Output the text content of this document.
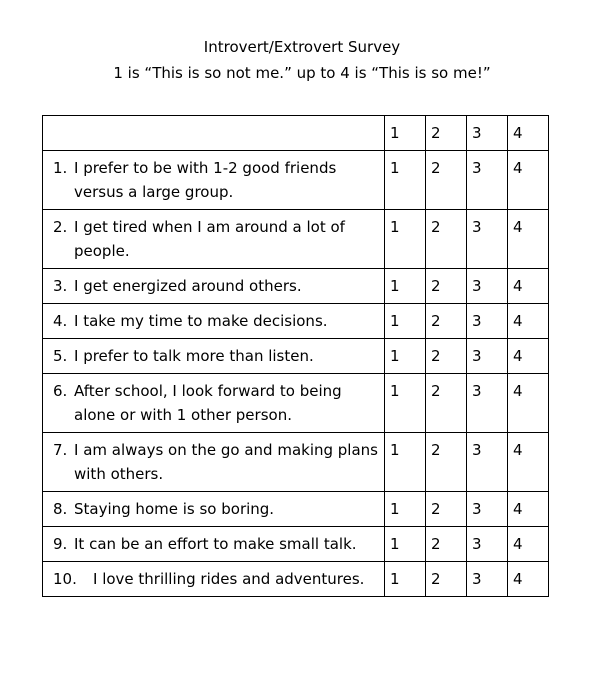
Introvert/Extrovert Survey
1 is “This is so not me.” up to 4 is “This is so me!”
	1	2	3	4

1. I prefer to be with 1-2 good friends versus a large group.	1	2	3	4

2. I get tired when I am around a lot of people.	1	2	3	4

3. I get energized around others.	1	2	3	4

4. I take my time to make decisions.	1	2	3	4

5. I prefer to talk more than listen.	1	2	3	4

6. After school, I look forward to being alone or with 1 other person.	1	2	3	4

7. I am always on the go and making plans with others.	1	2	3	4

8. Staying home is so boring.	1	2	3	4

9. It can be an effort to make small talk.	1	2	3	4

10. I love thrilling rides and adventures.	1	2	3	4
